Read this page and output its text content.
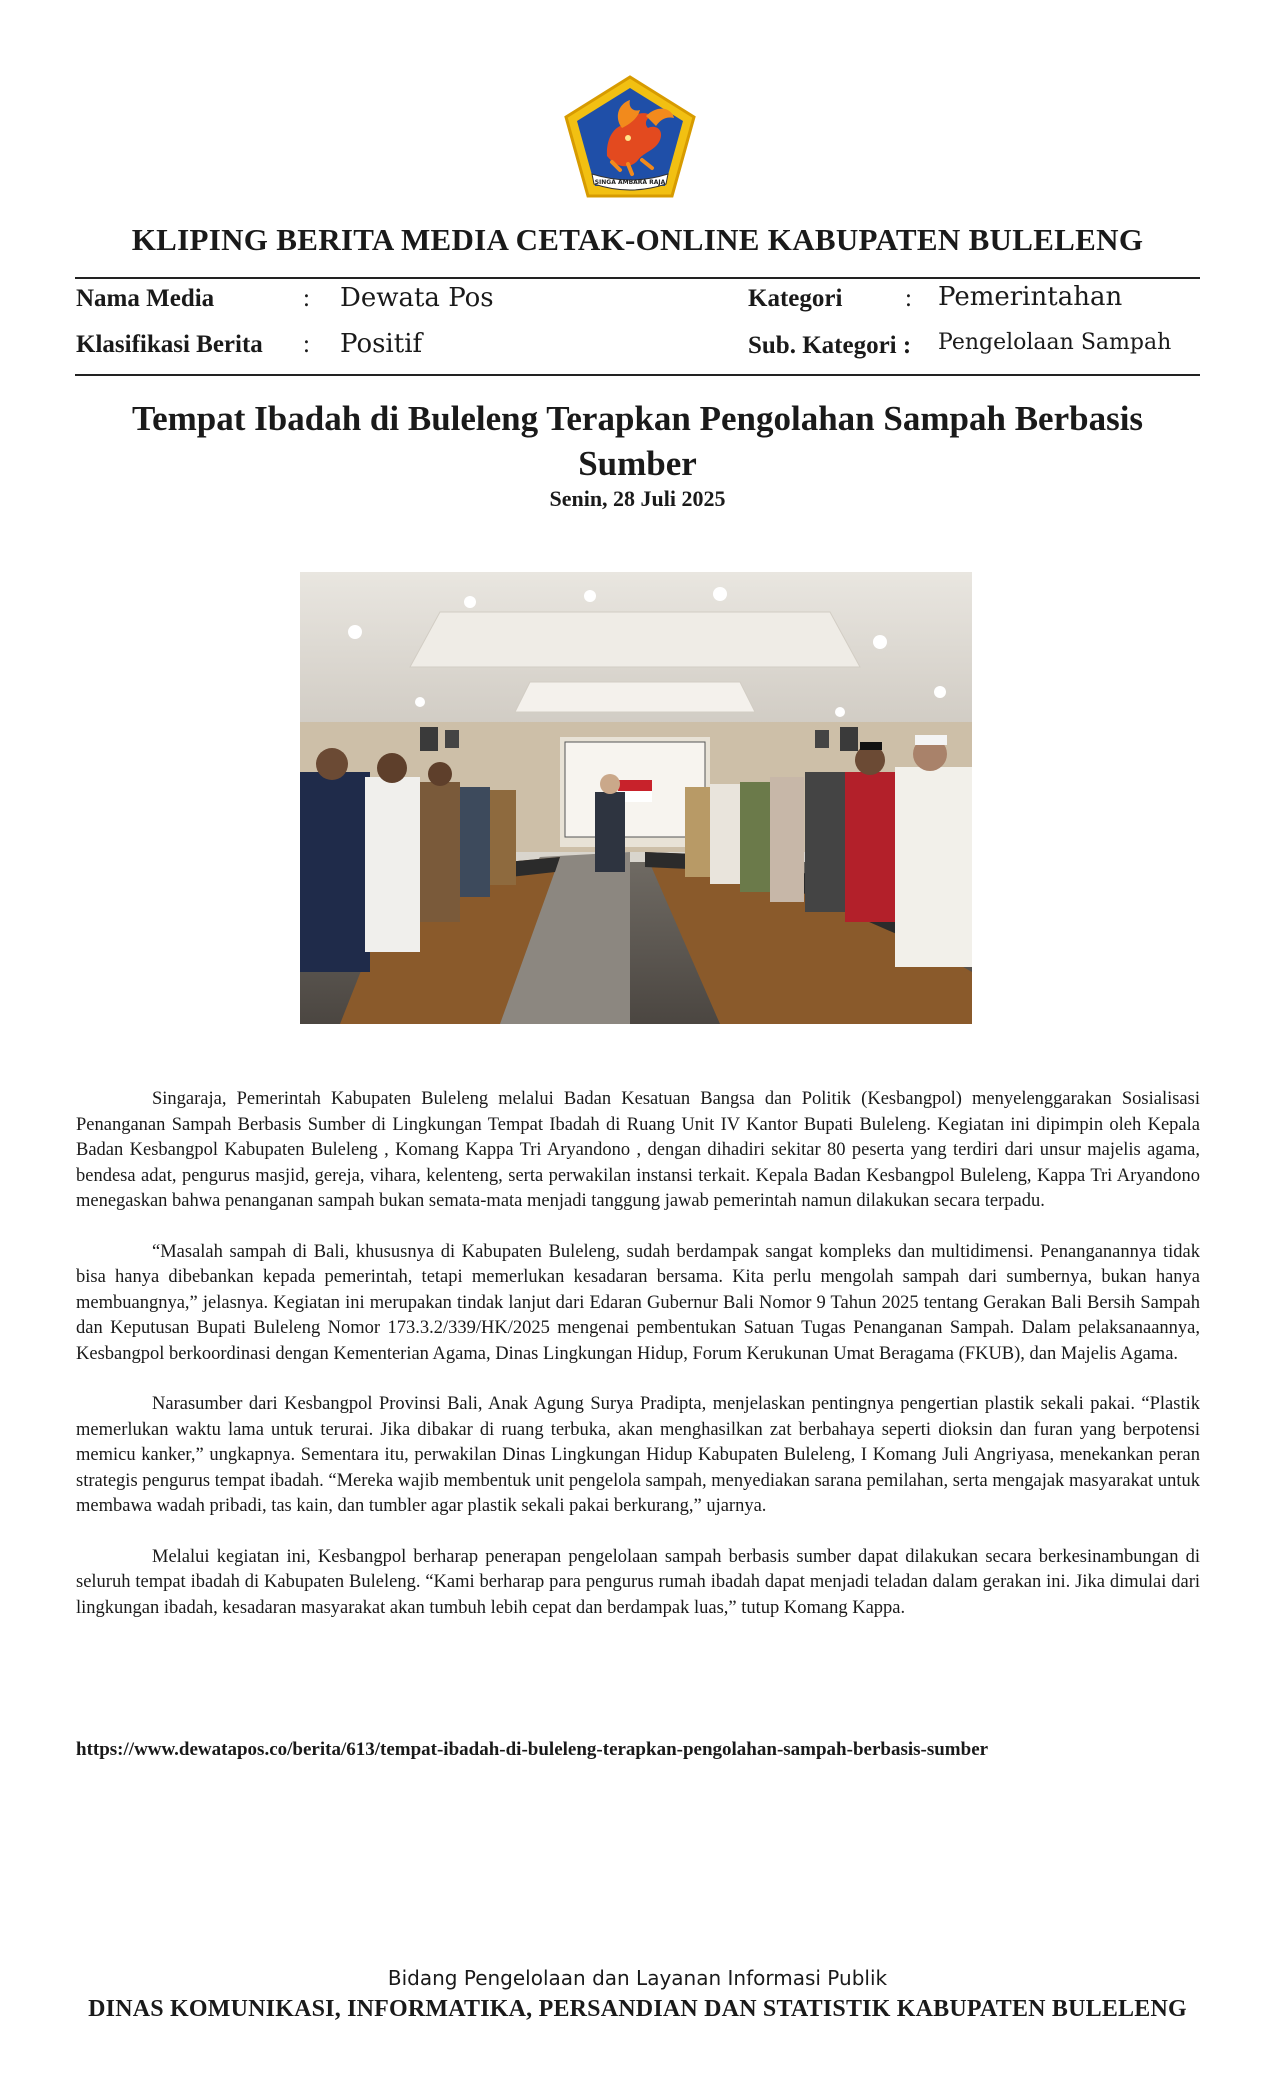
SINGA AMBARA RAJA
KLIPING BERITA MEDIA CETAK-ONLINE KABUPATEN BULELENG
Nama Media	: Dewata Pos
Klasifikasi Berita : Positif
Kategori	: Pemerintahan
Sub. Kategori : Pengelolaan Sampah
Tempat Ibadah di Buleleng Terapkan Pengolahan Sampah Berbasis Sumber
Senin, 28 Juli 2025

Singaraja, Pemerintah Kabupaten Buleleng melalui Badan Kesatuan Bangsa dan Politik (Kesbangpol) menyelenggarakan Sosialisasi Penanganan Sampah Berbasis Sumber di Lingkungan Tempat Ibadah di Ruang Unit IV Kantor Bupati Buleleng. Kegiatan ini dipimpin oleh Kepala Badan Kesbangpol Kabupaten Buleleng , Komang Kappa Tri Aryandono , dengan dihadiri sekitar 80 peserta yang terdiri dari unsur majelis agama, bendesa adat, pengurus masjid, gereja, vihara, kelenteng, serta perwakilan instansi terkait. Kepala Badan Kesbangpol Buleleng, Kappa Tri Aryandono menegaskan bahwa penanganan sampah bukan semata-mata menjadi tanggung jawab pemerintah namun dilakukan secara terpadu.

“Masalah sampah di Bali, khususnya di Kabupaten Buleleng, sudah berdampak sangat kompleks dan multidimensi. Penanganannya tidak bisa hanya dibebankan kepada pemerintah, tetapi memerlukan kesadaran bersama. Kita perlu mengolah sampah dari sumbernya, bukan hanya membuangnya,” jelasnya. Kegiatan ini merupakan tindak lanjut dari Edaran Gubernur Bali Nomor 9 Tahun 2025 tentang Gerakan Bali Bersih Sampah dan Keputusan Bupati Buleleng Nomor 173.3.2/339/HK/2025 mengenai pembentukan Satuan Tugas Penanganan Sampah. Dalam pelaksanaannya, Kesbangpol berkoordinasi dengan Kementerian Agama, Dinas Lingkungan Hidup, Forum Kerukunan Umat Beragama (FKUB), dan Majelis Agama.

Narasumber dari Kesbangpol Provinsi Bali, Anak Agung Surya Pradipta, menjelaskan pentingnya pengertian plastik sekali pakai. “Plastik memerlukan waktu lama untuk terurai. Jika dibakar di ruang terbuka, akan menghasilkan zat berbahaya seperti dioksin dan furan yang berpotensi memicu kanker,” ungkapnya. Sementara itu, perwakilan Dinas Lingkungan Hidup Kabupaten Buleleng, I Komang Juli Angriyasa, menekankan peran strategis pengurus tempat ibadah. “Mereka wajib membentuk unit pengelola sampah, menyediakan sarana pemilahan, serta mengajak masyarakat untuk membawa wadah pribadi, tas kain, dan tumbler agar plastik sekali pakai berkurang,” ujarnya.

Melalui kegiatan ini, Kesbangpol berharap penerapan pengelolaan sampah berbasis sumber dapat dilakukan secara berkesinambungan di seluruh tempat ibadah di Kabupaten Buleleng. “Kami berharap para pengurus rumah ibadah dapat menjadi teladan dalam gerakan ini. Jika dimulai dari lingkungan ibadah, kesadaran masyarakat akan tumbuh lebih cepat dan berdampak luas,” tutup Komang Kappa.

https://www.dewatapos.co/berita/613/tempat-ibadah-di-buleleng-terapkan-pengolahan-sampah-berbasis-sumber
Bidang Pengelolaan dan Layanan Informasi Publik
DINAS KOMUNIKASI, INFORMATIKA, PERSANDIAN DAN STATISTIK KABUPATEN BULELENG
